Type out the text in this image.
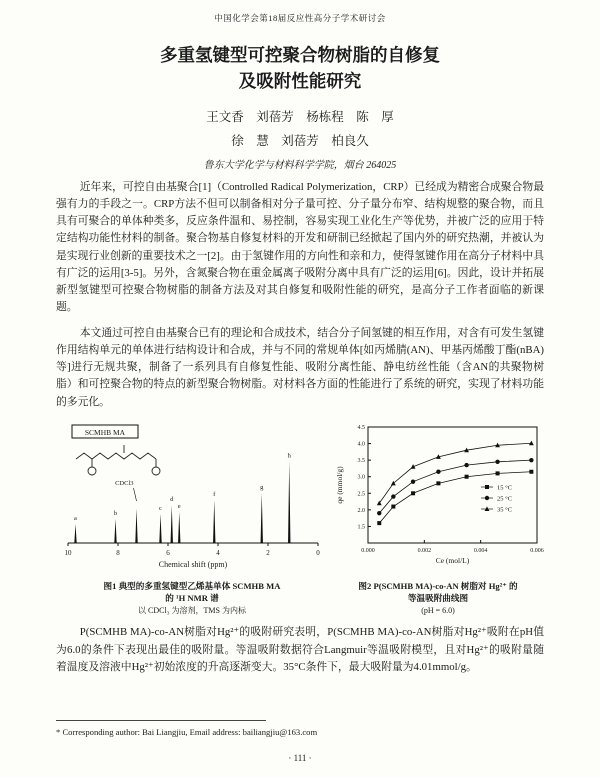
中国化学会第18届反应性高分子学术研讨会
多重氢键型可控聚合物树脂的自修复
及吸附性能研究
王文香　刘蓓芳　杨栋程　陈　厚
徐　慧　刘蓓芳　柏良久
鲁东大学化学与材料科学学院，烟台 264025

近年来，可控自由基聚合[1]（Controlled Radical Polymerization，CRP）已经成为精密合成聚合物最强有力的手段之一。CRP方法不但可以制备相对分子量可控、分子量分布窄、结构规整的聚合物，而且具有可聚合的单体种类多，反应条件温和、易控制，容易实现工业化生产等优势，并被广泛的应用于特定结构功能性材料的制备。聚合物基自修复材料的开发和研制已经掀起了国内外的研究热潮，并被认为是实现行业创新的重要技术之一[2]。由于氢键作用的方向性和亲和力，使得氢键作用在高分子材料中具有广泛的运用[3-5]。另外，含氮聚合物在重金属离子吸附分离中具有广泛的运用[6]。因此，设计并拓展新型氢键型可控聚合物树脂的制备方法及对其自修复和吸附性能的研究，是高分子工作者面临的新课题。

本文通过可控自由基聚合已有的理论和合成技术，结合分子间氢键的相互作用，对含有可发生氢键作用结构单元的单体进行结构设计和合成，并与不同的常规单体[如丙烯腈(AN)、甲基丙烯酸丁酯(nBA)等]进行无规共聚，制备了一系列具有自修复性能、吸附分离性能、静电纺丝性能（含AN的共聚物树脂）和可控聚合物的特点的新型聚合物树脂。对材料各方面的性能进行了系统的研究，实现了材料功能的多元化。

10	8	6	4	2	0
Chemical shift (ppm)
a
b
c
d
e
f
g
h
CDCl3
SCMHB MA
图1 典型的多重氢键型乙烯基单体 SCMHB MA
的 ¹H NMR 谱
以 CDCl₃ 为溶剂，TMS 为内标
0.000	0.002	0.004	0.006
1.5
2.0
2.5
3.0
3.5
4.0
4.5
Ce (mol/L)
qe (mmol/g)	15 °C
25 °C
35 °C
图2 P(SCMHB MA)-co-AN 树脂对 Hg²⁺ 的
等温吸附曲线图
(pH = 6.0)

P(SCMHB MA)-co-AN树脂对Hg²⁺的吸附研究表明，P(SCMHB MA)-co-AN树脂对Hg²⁺吸附在pH值为6.0的条件下表现出最佳的吸附量。等温吸附数据符合Langmuir等温吸附模型，且对Hg²⁺的吸附量随着温度及溶液中Hg²⁺初始浓度的升高逐渐变大。35°C条件下，最大吸附量为4.01mmol/g。

* Corresponding author: Bai Liangjiu, Email address: bailiangjiu@163.com
· 111 ·
